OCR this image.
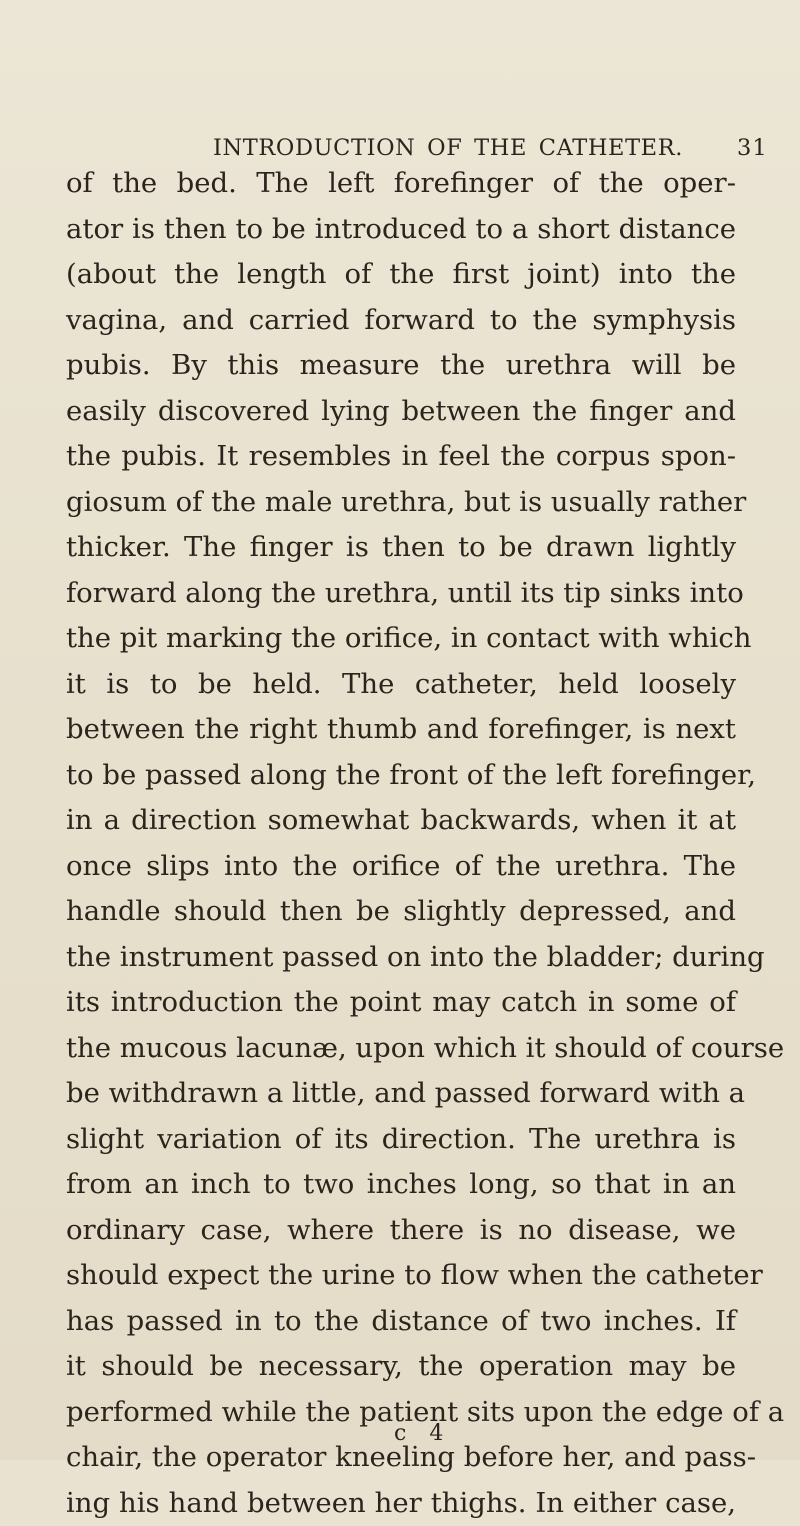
INTRODUCTION OF THE CATHETER. 31
of the bed. The left forefinger of the oper-
ator is then to be introduced to a short distance
(about the length of the first joint) into the
vagina, and carried forward to the symphysis
pubis. By this measure the urethra will be
easily discovered lying between the finger and
the pubis. It resembles in feel the corpus spon-
giosum of the male urethra, but is usually rather
thicker. The finger is then to be drawn lightly
forward along the urethra, until its tip sinks into
the pit marking the orifice, in contact with which
it is to be held. The catheter, held loosely
between the right thumb and forefinger, is next
to be passed along the front of the left forefinger,
in a direction somewhat backwards, when it at
once slips into the orifice of the urethra. The
handle should then be slightly depressed, and
the instrument passed on into the bladder; during
its introduction the point may catch in some of
the mucous lacunæ, upon which it should of course
be withdrawn a little, and passed forward with a
slight variation of its direction. The urethra is
from an inch to two inches long, so that in an
ordinary case, where there is no disease, we
should expect the urine to flow when the catheter
has passed in to the distance of two inches. If
it should be necessary, the operation may be
performed while the patient sits upon the edge of a
chair, the operator kneeling before her, and pass-
ing his hand between her thighs. In either case,
c 4
